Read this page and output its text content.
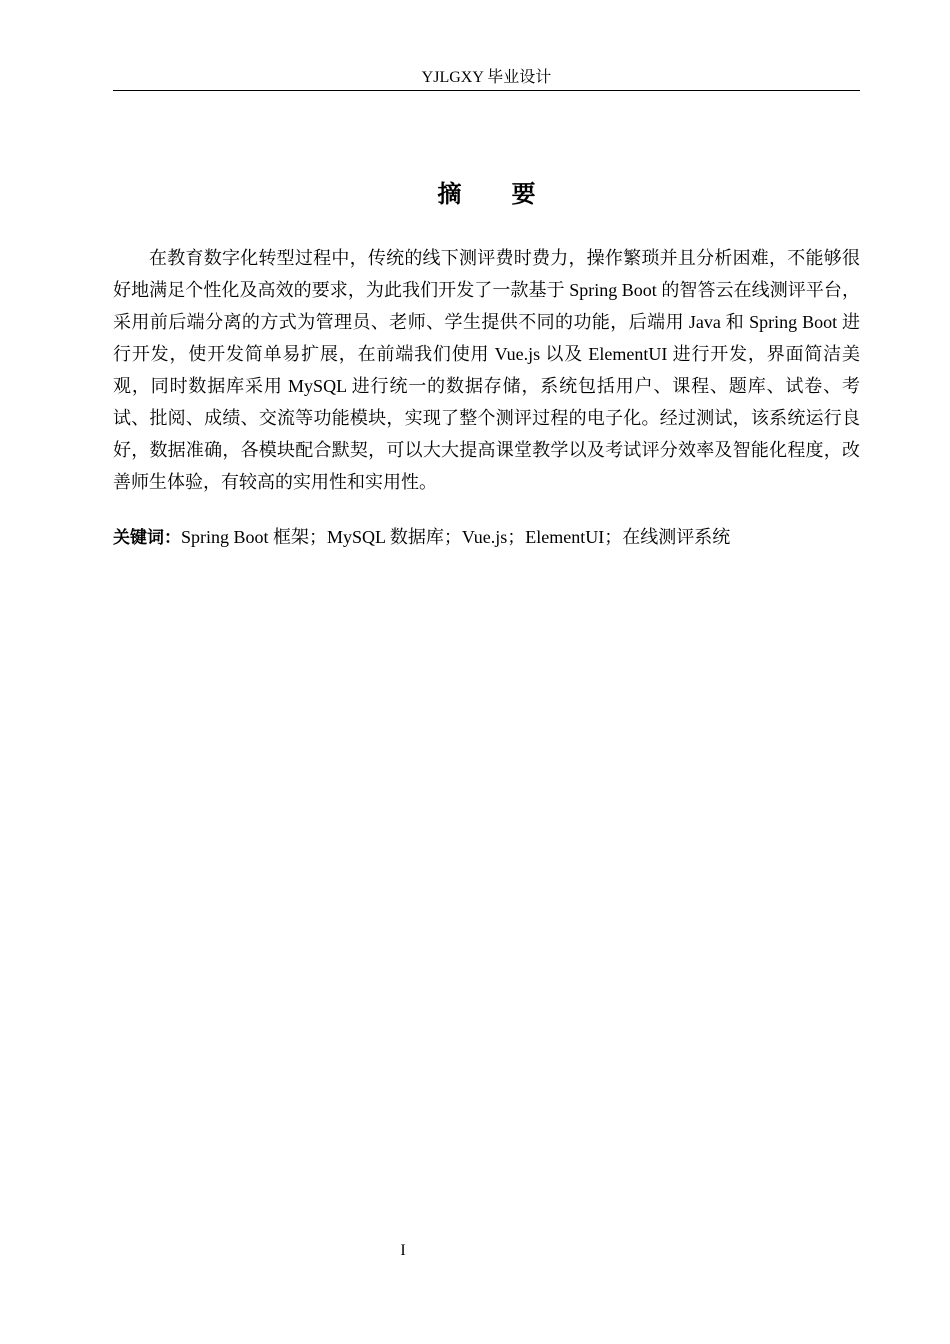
YJLGXY 毕业设计
摘 要

在教育数字化转型过程中，传统的线下测评费时费力，操作繁琐并且分析困难，不能够很好地满足个性化及高效的要求，为此我们开发了一款基于 Spring Boot 的智答云在线测评平台，采用前后端分离的方式为管理员、老师、学生提供不同的功能，后端用 Java 和 Spring Boot 进行开发，使开发简单易扩展，在前端我们使用 Vue.js 以及 ElementUI 进行开发，界面简洁美观，同时数据库采用 MySQL 进行统一的数据存储，系统包括用户、课程、题库、试卷、考试、批阅、成绩、交流等功能模块，实现了整个测评过程的电子化。经过测试，该系统运行良好，数据准确，各模块配合默契，可以大大提高课堂教学以及考试评分效率及智能化程度，改善师生体验，有较高的实用性和实用性。

关键词：Spring Boot 框架；MySQL 数据库；Vue.js；ElementUI；在线测评系统

I
